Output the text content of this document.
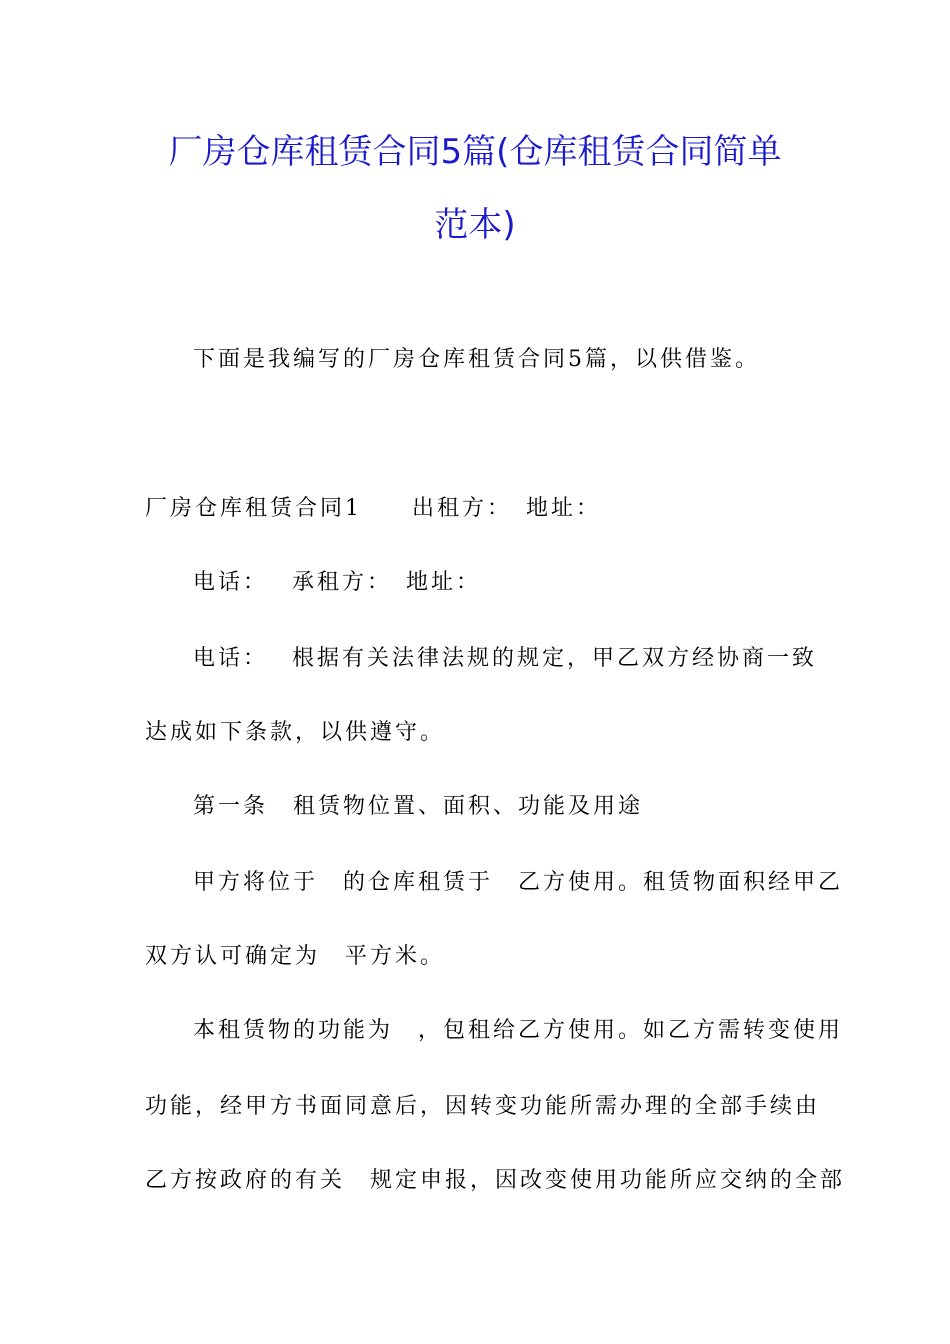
厂房仓库租赁合同5篇(仓库租赁合同简单
范本)
下面是我编写的厂房仓库租赁合同5篇，以供借鉴。
厂房仓库租赁合同1　　出租方：　地址：
电话：　 承租方：　地址：
电话：　 根据有关法律法规的规定，甲乙双方经协商一致
达成如下条款，以供遵守。
第一条　租赁物位置、面积、功能及用途
甲方将位于　的仓库租赁于　乙方使用。租赁物面积经甲乙
双方认可确定为　平方米。
本租赁物的功能为　，包租给乙方使用。如乙方需转变使用
功能，经甲方书面同意后，因转变功能所需办理的全部手续由
乙方按政府的有关　规定申报，因改变使用功能所应交纳的全部
